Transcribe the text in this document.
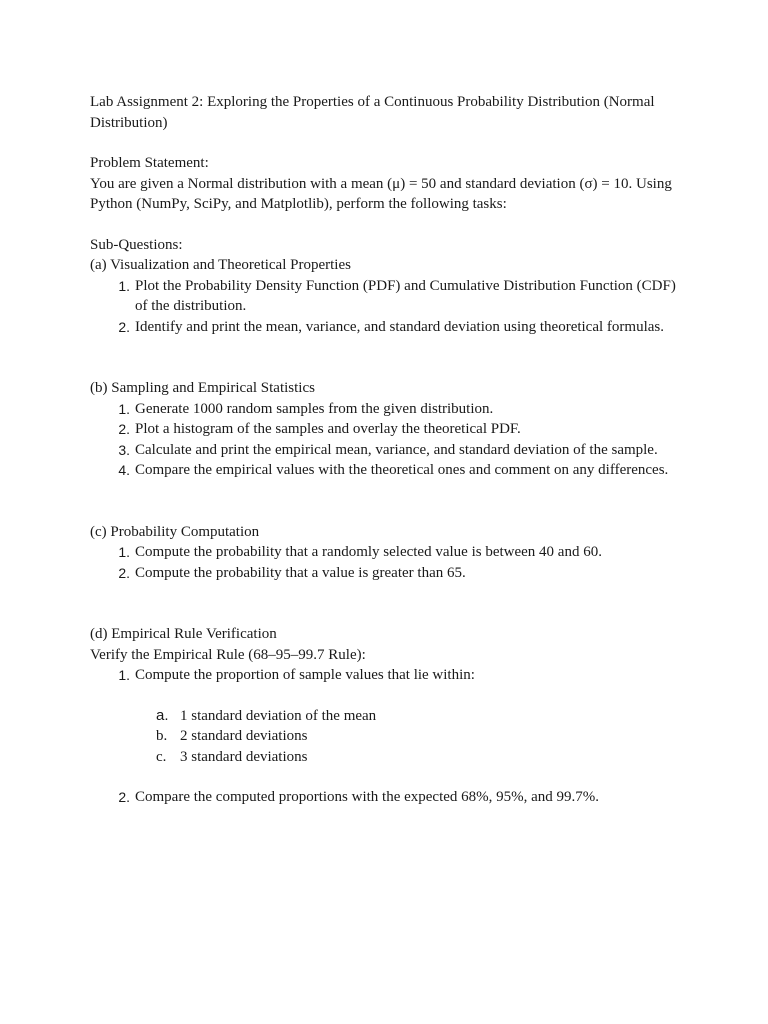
Lab Assignment 2: Exploring the Properties of a Continuous Probability Distribution (Normal Distribution)

Problem Statement:

You are given a Normal distribution with a mean (μ) = 50 and standard deviation (σ) = 10. Using Python (NumPy, SciPy, and Matplotlib), perform the following tasks:

Sub-Questions:

(a) Visualization and Theoretical Properties

1. Plot the Probability Density Function (PDF) and Cumulative Distribution Function (CDF) of the distribution.
2. Identify and print the mean, variance, and standard deviation using theoretical formulas.

(b) Sampling and Empirical Statistics

1. Generate 1000 random samples from the given distribution.
2. Plot a histogram of the samples and overlay the theoretical PDF.
3. Calculate and print the empirical mean, variance, and standard deviation of the sample.
4. Compare the empirical values with the theoretical ones and comment on any differences.

(c) Probability Computation

1. Compute the probability that a randomly selected value is between 40 and 60.
2. Compute the probability that a value is greater than 65.

(d) Empirical Rule Verification

Verify the Empirical Rule (68–95–99.7 Rule):

1. Compute the proportion of sample values that lie within:
a. 1 standard deviation of the mean
b. 2 standard deviations
c. 3 standard deviations
2. Compare the computed proportions with the expected 68%, 95%, and 99.7%.
